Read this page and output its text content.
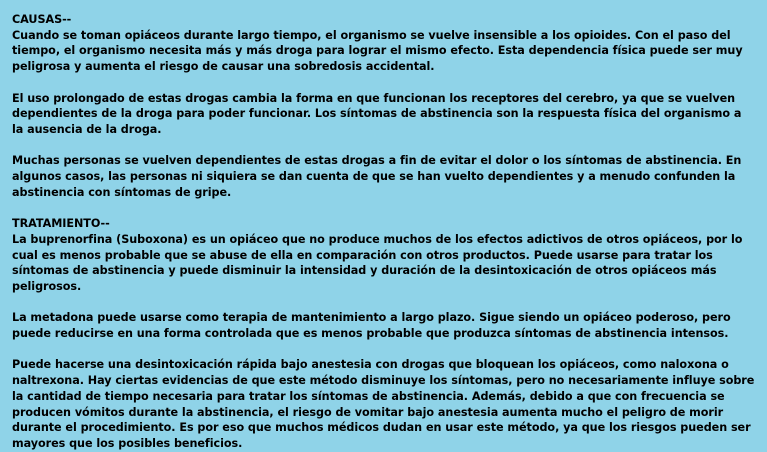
CAUSAS--

Cuando se toman opiáceos durante largo tiempo, el organismo se vuelve insensible a los opioides. Con el paso del tiempo, el organismo necesita más y más droga para lograr el mismo efecto. Esta dependencia física puede ser muy peligrosa y aumenta el riesgo de causar una sobredosis accidental.

El uso prolongado de estas drogas cambia la forma en que funcionan los receptores del cerebro, ya que se vuelven dependientes de la droga para poder funcionar. Los síntomas de abstinencia son la respuesta física del organismo a la ausencia de la droga.

Muchas personas se vuelven dependientes de estas drogas a fin de evitar el dolor o los síntomas de abstinencia. En algunos casos, las personas ni siquiera se dan cuenta de que se han vuelto dependientes y a menudo confunden la abstinencia con síntomas de gripe.

TRATAMIENTO--

La buprenorfina (Suboxona) es un opiáceo que no produce muchos de los efectos adictivos de otros opiáceos, por lo cual es menos probable que se abuse de ella en comparación con otros productos. Puede usarse para tratar los síntomas de abstinencia y puede disminuir la intensidad y duración de la desintoxicación de otros opiáceos más peligrosos.

La metadona puede usarse como terapia de mantenimiento a largo plazo. Sigue siendo un opiáceo poderoso, pero puede reducirse en una forma controlada que es menos probable que produzca síntomas de abstinencia intensos.

Puede hacerse una desintoxicación rápida bajo anestesia con drogas que bloquean los opiáceos, como naloxona o naltrexona. Hay ciertas evidencias de que este método disminuye los síntomas, pero no necesariamente influye sobre la cantidad de tiempo necesaria para tratar los síntomas de abstinencia. Además, debido a que con frecuencia se producen vómitos durante la abstinencia, el riesgo de vomitar bajo anestesia aumenta mucho el peligro de morir durante el procedimiento. Es por eso que muchos médicos dudan en usar este método, ya que los riesgos pueden ser mayores que los posibles beneficios.
